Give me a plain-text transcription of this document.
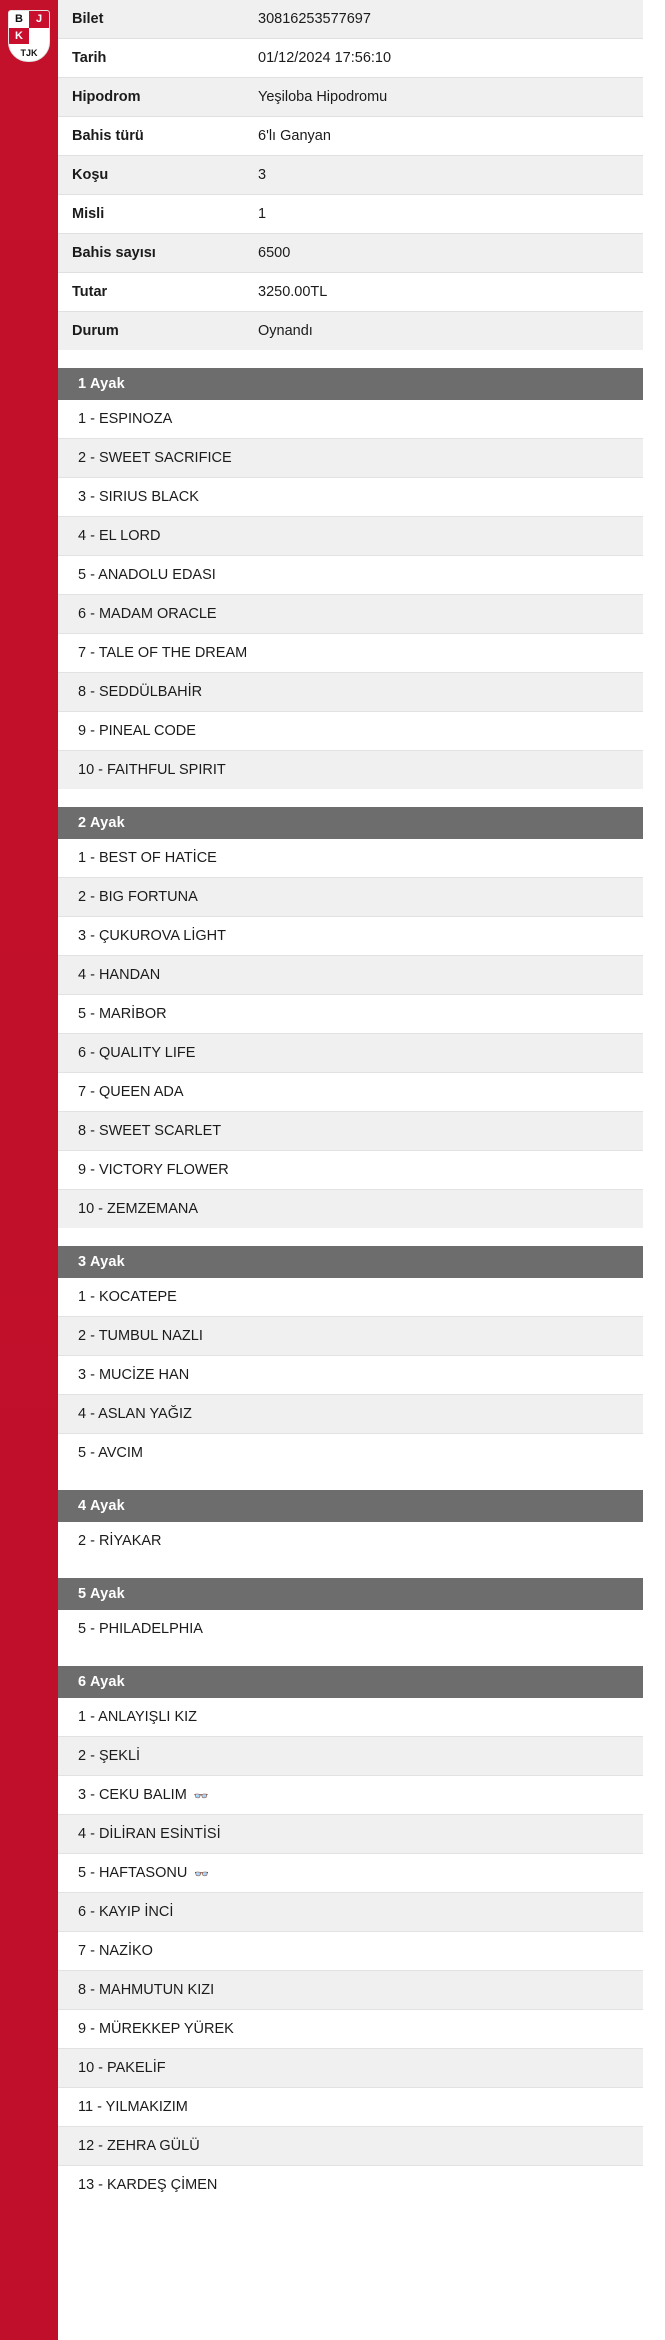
B	J
K
TJK
Bilet	30816253577697
Tarih	01/12/2024 17:56:10
Hipodrom	Yeşiloba Hipodromu
Bahis türü	6'lı Ganyan
Koşu	3
Misli	1
Bahis sayısı	6500
Tutar	3250.00TL
Durum	Oynandı
1 Ayak
1 - ESPINOZA
2 - SWEET SACRIFICE
3 - SIRIUS BLACK
4 - EL LORD
5 - ANADOLU EDASI
6 - MADAM ORACLE
7 - TALE OF THE DREAM
8 - SEDDÜLBAHİR
9 - PINEAL CODE
10 - FAITHFUL SPIRIT
2 Ayak
1 - BEST OF HATİCE
2 - BIG FORTUNA
3 - ÇUKUROVA LİGHT
4 - HANDAN
5 - MARİBOR
6 - QUALITY LIFE
7 - QUEEN ADA
8 - SWEET SCARLET
9 - VICTORY FLOWER
10 - ZEMZEMANA
3 Ayak
1 - KOCATEPE
2 - TUMBUL NAZLI
3 - MUCİZE HAN
4 - ASLAN YAĞIZ
5 - AVCIM
4 Ayak
2 - RİYAKAR
5 Ayak
5 - PHILADELPHIA
6 Ayak
1 - ANLAYIŞLI KIZ
2 - ŞEKLİ
3 - CEKU BALIM 👓
4 - DİLİRAN ESİNTİSİ
5 - HAFTASONU 👓
6 - KAYIP İNCİ
7 - NAZİKO
8 - MAHMUTUN KIZI
9 - MÜREKKEP YÜREK
10 - PAKELİF
11 - YILMAKIZIM
12 - ZEHRA GÜLÜ
13 - KARDEŞ ÇİMEN
